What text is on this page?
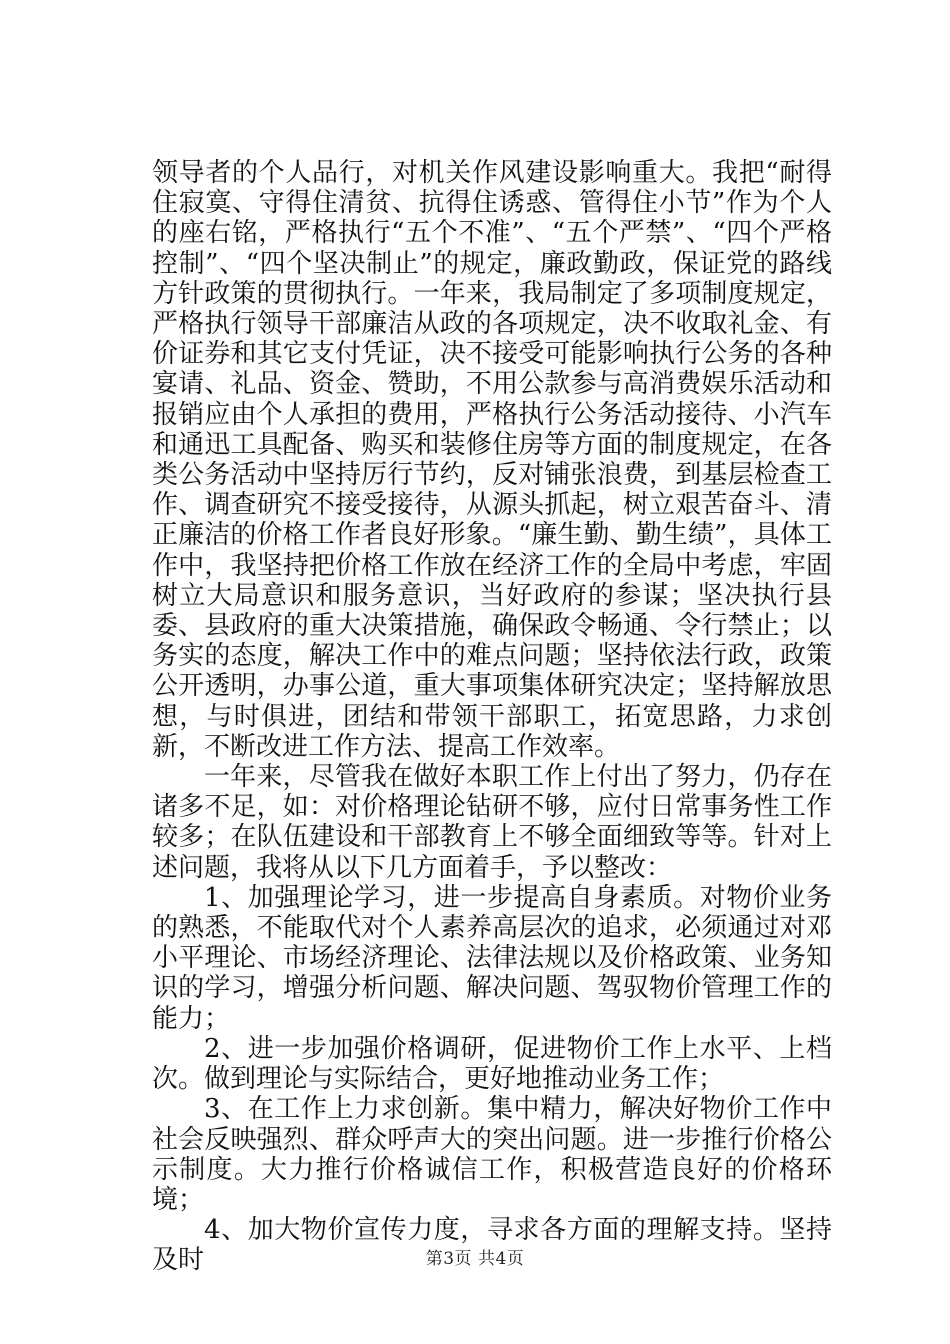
领导者的个人品行，对机关作风建设影响重大。我把“耐得住寂寞、守得住清贫、抗得住诱惑、管得住小节”作为个人的座右铭，严格执行“五个不准”、“五个严禁”、“四个严格控制”、“四个坚决制止”的规定，廉政勤政，保证党的路线方针政策的贯彻执行。一年来，我局制定了多项制度规定，严格执行领导干部廉洁从政的各项规定，决不收取礼金、有价证券和其它支付凭证，决不接受可能影响执行公务的各种宴请、礼品、资金、赞助，不用公款参与高消费娱乐活动和报销应由个人承担的费用，严格执行公务活动接待、小汽车和通迅工具配备、购买和装修住房等方面的制度规定，在各类公务活动中坚持厉行节约，反对铺张浪费，到基层检查工作、调查研究不接受接待，从源头抓起，树立艰苦奋斗、清正廉洁的价格工作者良好形象。“廉生勤、勤生绩”，具体工作中，我坚持把价格工作放在经济工作的全局中考虑，牢固树立大局意识和服务意识，当好政府的参谋；坚决执行县委、县政府的重大决策措施，确保政令畅通、令行禁止；以务实的态度，解决工作中的难点问题；坚持依法行政，政策公开透明，办事公道，重大事项集体研究决定；坚持解放思想，与时俱进，团结和带领干部职工，拓宽思路，力求创新，不断改进工作方法、提高工作效率。

一年来，尽管我在做好本职工作上付出了努力，仍存在诸多不足，如：对价格理论钻研不够，应付日常事务性工作较多；在队伍建设和干部教育上不够全面细致等等。针对上述问题，我将从以下几方面着手，予以整改：

1、加强理论学习，进一步提高自身素质。对物价业务的熟悉，不能取代对个人素养高层次的追求，必须通过对邓小平理论、市场经济理论、法律法规以及价格政策、业务知识的学习，增强分析问题、解决问题、驾驭物价管理工作的能力；

2、进一步加强价格调研，促进物价工作上水平、上档次。做到理论与实际结合，更好地推动业务工作；

3、在工作上力求创新。集中精力，解决好物价工作中社会反映强烈、群众呼声大的突出问题。进一步推行价格公示制度。大力推行价格诚信工作，积极营造良好的价格环境；

4、加大物价宣传力度，寻求各方面的理解支持。坚持及时	第3页 共4页
